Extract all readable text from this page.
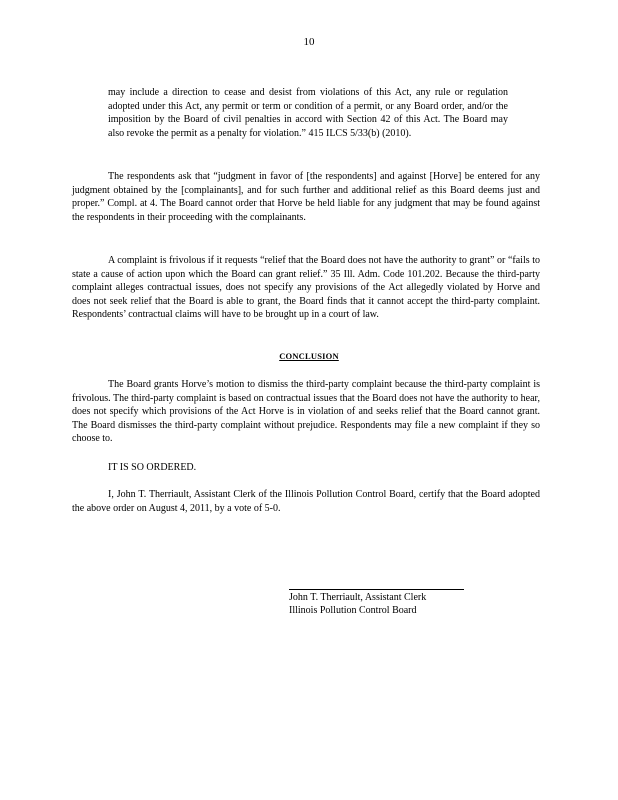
10

may include a direction to cease and desist from violations of this Act, any rule or regulation adopted under this Act, any permit or term or condition of a permit, or any Board order, and/or the imposition by the Board of civil penalties in accord with Section 42 of this Act. The Board may also revoke the permit as a penalty for violation.” 415 ILCS 5/33(b) (2010).

The respondents ask that “judgment in favor of [the respondents] and against [Horve] be entered for any judgment obtained by the [complainants], and for such further and additional relief as this Board deems just and proper.” Compl. at 4. The Board cannot order that Horve be held liable for any judgment that may be found against the respondents in their proceeding with the complainants.

A complaint is frivolous if it requests “relief that the Board does not have the authority to grant” or “fails to state a cause of action upon which the Board can grant relief.” 35 Ill. Adm. Code 101.202. Because the third-party complaint alleges contractual issues, does not specify any provisions of the Act allegedly violated by Horve and does not seek relief that the Board is able to grant, the Board finds that it cannot accept the third-party complaint. Respondents’ contractual claims will have to be brought up in a court of law.

CONCLUSION

The Board grants Horve’s motion to dismiss the third-party complaint because the third-party complaint is frivolous. The third-party complaint is based on contractual issues that the Board does not have the authority to hear, does not specify which provisions of the Act Horve is in violation of and seeks relief that the Board cannot grant. The Board dismisses the third-party complaint without prejudice. Respondents may file a new complaint if they so choose to.

IT IS SO ORDERED.

I, John T. Therriault, Assistant Clerk of the Illinois Pollution Control Board, certify that the Board adopted the above order on August 4, 2011, by a vote of 5-0.

John T. Therriault, Assistant Clerk
Illinois Pollution Control Board
